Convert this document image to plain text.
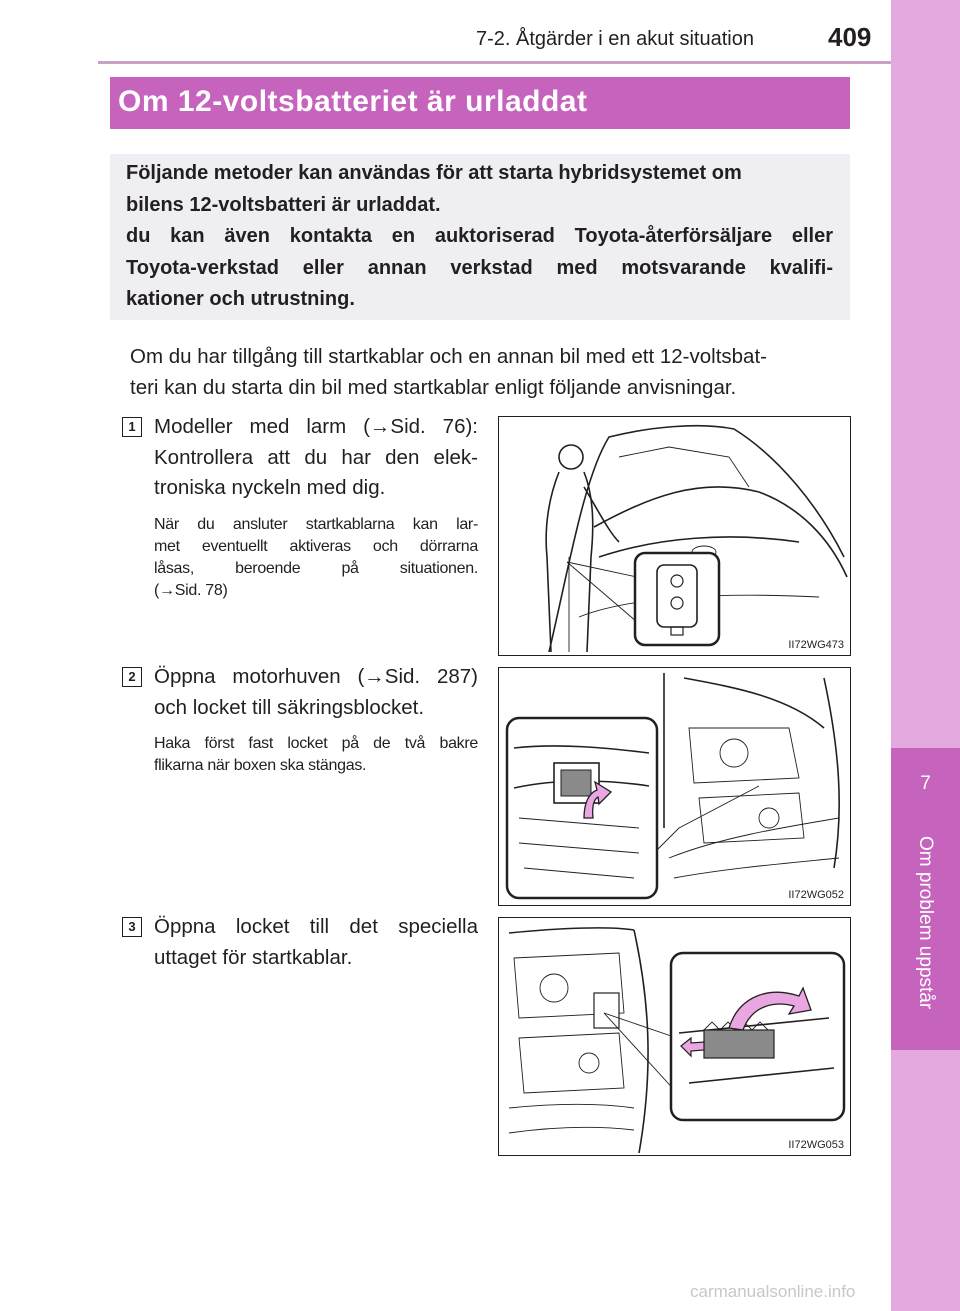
7
Om problem uppstår
7-2. Åtgärder i en akut situation	409
Om 12-voltsbatteriet är urladdat
Följande metoder kan användas för att starta hybridsystemet om
bilens 12-voltsbatteri är urladdat.
du kan även kontakta en auktoriserad Toyota-återförsäljare eller
Toyota-verkstad eller annan verkstad med motsvarande kvalifi-
kationer och utrustning.
Om du har tillgång till startkablar och en annan bil med ett 12-voltsbat-
teri kan du starta din bil med startkablar enligt följande anvisningar.
1 Modeller med larm (→Sid. 76):
Kontrollera att du har den elek-
troniska nyckeln med dig.
När du ansluter startkablarna kan lar-
met eventuellt aktiveras och dörrarna
låsas, beroende på situationen.
(→Sid. 78)
II72WG473
2 Öppna motorhuven (→Sid. 287)
och locket till säkringsblocket.
Haka först fast locket på de två bakre
flikarna när boxen ska stängas.
II72WG052
3 Öppna locket till det speciella
uttaget för startkablar.
II72WG053
carmanualsonline.info
